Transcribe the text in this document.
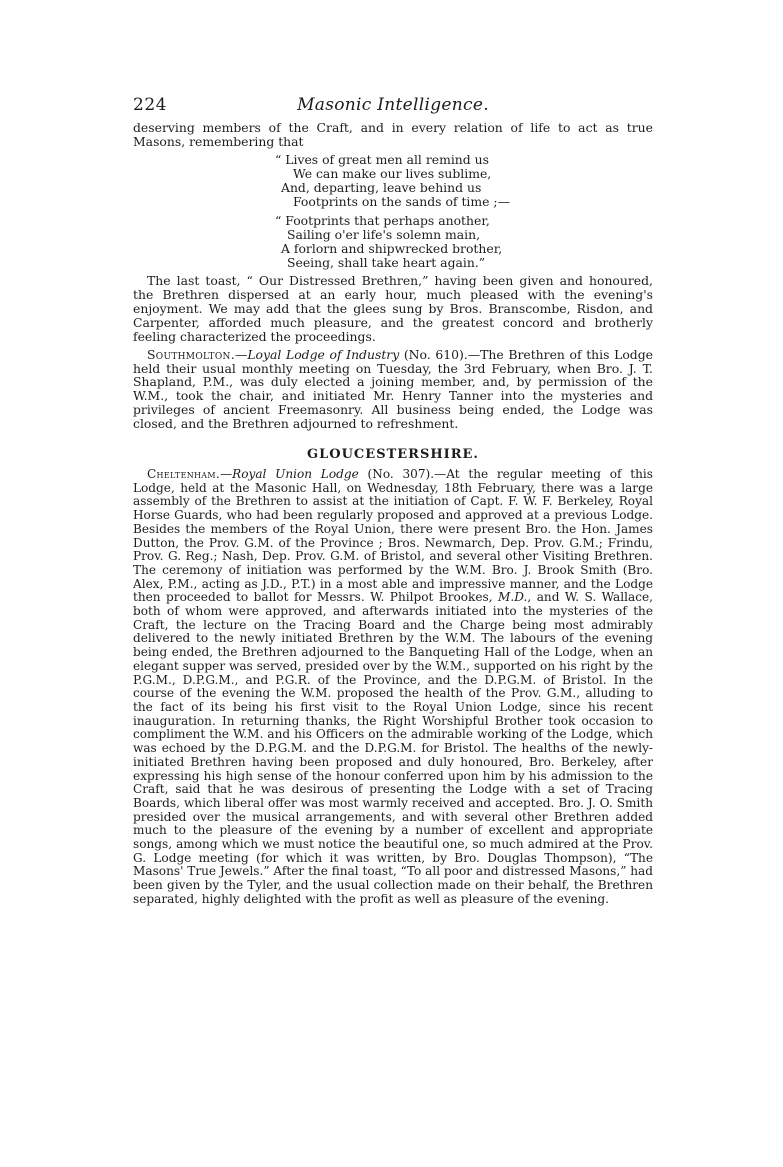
224	Masonic Intelligence.

deserving members of the Craft, and in every relation of life to act as true Masons, remembering that

“ Lives of great men all remind us
We can make our lives sublime,
And, departing, leave behind us
Footprints on the sands of time ;—
“ Footprints that perhaps another,
Sailing o'er life's solemn main,
A forlorn and shipwrecked brother,
Seeing, shall take heart again.”

The last toast, “ Our Distressed Brethren,” having been given and honoured, the Brethren dispersed at an early hour, much pleased with the evening's enjoyment. We may add that the glees sung by Bros. Branscombe, Risdon, and Carpenter, afforded much pleasure, and the greatest concord and brotherly feeling characterized the proceedings.

Southmolton.—Loyal Lodge of Industry (No. 610).—The Brethren of this Lodge held their usual monthly meeting on Tuesday, the 3rd February, when Bro. J. T. Shapland, P.M., was duly elected a joining member, and, by permission of the W.M., took the chair, and initiated Mr. Henry Tanner into the mysteries and privileges of ancient Freemasonry. All business being ended, the Lodge was closed, and the Brethren adjourned to refreshment.

GLOUCESTERSHIRE.

Cheltenham.—Royal Union Lodge (No. 307).—At the regular meeting of this Lodge, held at the Masonic Hall, on Wednesday, 18th February, there was a large assembly of the Brethren to assist at the initiation of Capt. F. W. F. Berkeley, Royal Horse Guards, who had been regularly proposed and approved at a previous Lodge. Besides the members of the Royal Union, there were present Bro. the Hon. James Dutton, the Prov. G.M. of the Province ; Bros. Newmarch, Dep. Prov. G.M.; Frindu, Prov. G. Reg.; Nash, Dep. Prov. G.M. of Bristol, and several other Visiting Brethren. The ceremony of initiation was performed by the W.M. Bro. J. Brook Smith (Bro. Alex, P.M., acting as J.D., P.T.) in a most able and impressive manner, and the Lodge then proceeded to ballot for Messrs. W. Philpot Brookes, M.D., and W. S. Wallace, both of whom were approved, and afterwards initiated into the mysteries of the Craft, the lecture on the Tracing Board and the Charge being most admirably delivered to the newly initiated Brethren by the W.M. The labours of the evening being ended, the Brethren adjourned to the Banqueting Hall of the Lodge, when an elegant supper was served, presided over by the W.M., supported on his right by the P.G.M., D.P.G.M., and P.G.R. of the Province, and the D.P.G.M. of Bristol. In the course of the evening the W.M. proposed the health of the Prov. G.M., alluding to the fact of its being his first visit to the Royal Union Lodge, since his recent inauguration. In returning thanks, the Right Worshipful Brother took occasion to compliment the W.M. and his Officers on the admirable working of the Lodge, which was echoed by the D.P.G.M. and the D.P.G.M. for Bristol. The healths of the newly-initiated Brethren having been proposed and duly honoured, Bro. Berkeley, after expressing his high sense of the honour conferred upon him by his admission to the Craft, said that he was desirous of presenting the Lodge with a set of Tracing Boards, which liberal offer was most warmly received and accepted. Bro. J. O. Smith presided over the musical arrangements, and with several other Brethren added much to the pleasure of the evening by a number of excellent and appropriate songs, among which we must notice the beautiful one, so much admired at the Prov. G. Lodge meeting (for which it was written, by Bro. Douglas Thompson), “The Masons' True Jewels.” After the final toast, “To all poor and distressed Masons,” had been given by the Tyler, and the usual collection made on their behalf, the Brethren separated, highly delighted with the profit as well as pleasure of the evening.
